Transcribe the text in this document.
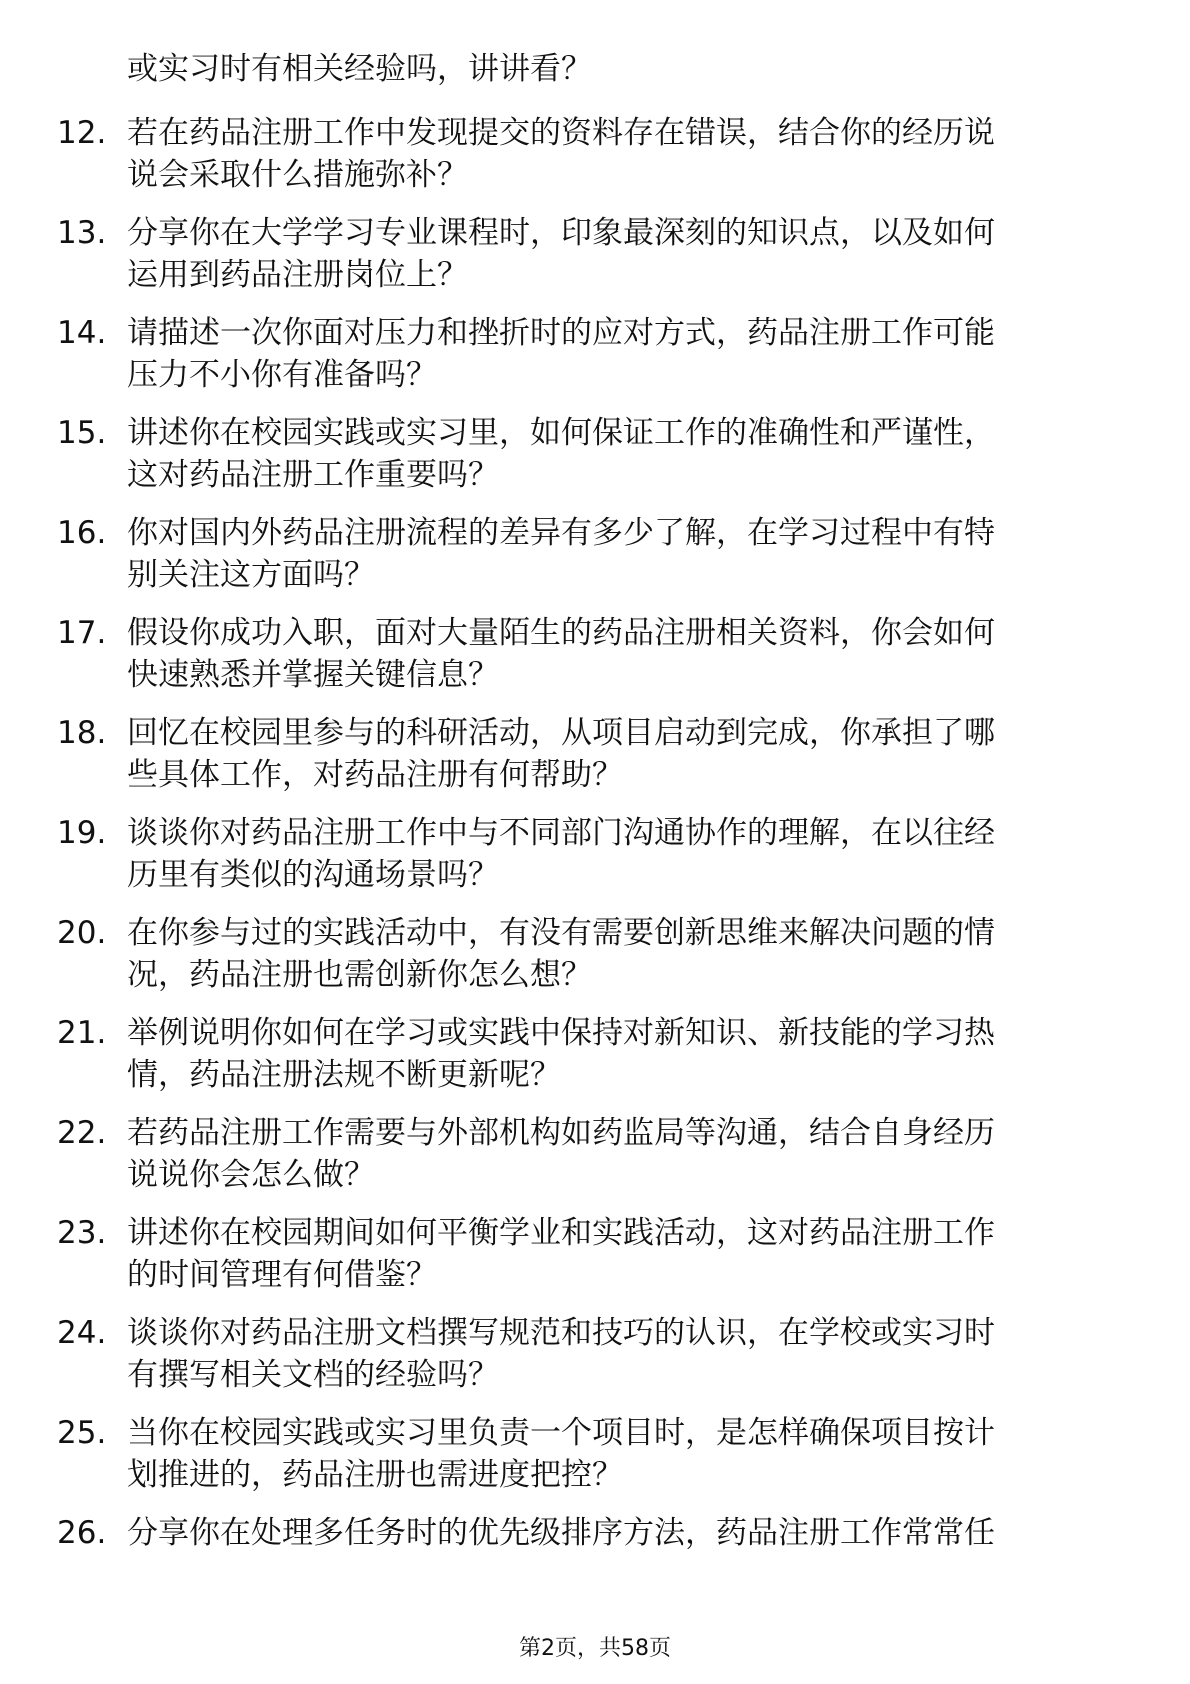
或实习时有相关经验吗，讲讲看？
12. 若在药品注册工作中发现提交的资料存在错误，结合你的经历说
说会采取什么措施弥补？
13. 分享你在大学学习专业课程时，印象最深刻的知识点，以及如何
运用到药品注册岗位上？
14. 请描述一次你面对压力和挫折时的应对方式，药品注册工作可能
压力不小你有准备吗？
15. 讲述你在校园实践或实习里，如何保证工作的准确性和严谨性，
这对药品注册工作重要吗？
16. 你对国内外药品注册流程的差异有多少了解，在学习过程中有特
别关注这方面吗？
17. 假设你成功入职，面对大量陌生的药品注册相关资料，你会如何
快速熟悉并掌握关键信息？
18. 回忆在校园里参与的科研活动，从项目启动到完成，你承担了哪
些具体工作，对药品注册有何帮助？
19. 谈谈你对药品注册工作中与不同部门沟通协作的理解，在以往经
历里有类似的沟通场景吗？
20. 在你参与过的实践活动中，有没有需要创新思维来解决问题的情
况，药品注册也需创新你怎么想？
21. 举例说明你如何在学习或实践中保持对新知识、新技能的学习热
情，药品注册法规不断更新呢？
22. 若药品注册工作需要与外部机构如药监局等沟通，结合自身经历
说说你会怎么做？
23. 讲述你在校园期间如何平衡学业和实践活动，这对药品注册工作
的时间管理有何借鉴？
24. 谈谈你对药品注册文档撰写规范和技巧的认识，在学校或实习时
有撰写相关文档的经验吗？
25. 当你在校园实践或实习里负责一个项目时，是怎样确保项目按计
划推进的，药品注册也需进度把控？
26. 分享你在处理多任务时的优先级排序方法，药品注册工作常常任
第2页，共58页
